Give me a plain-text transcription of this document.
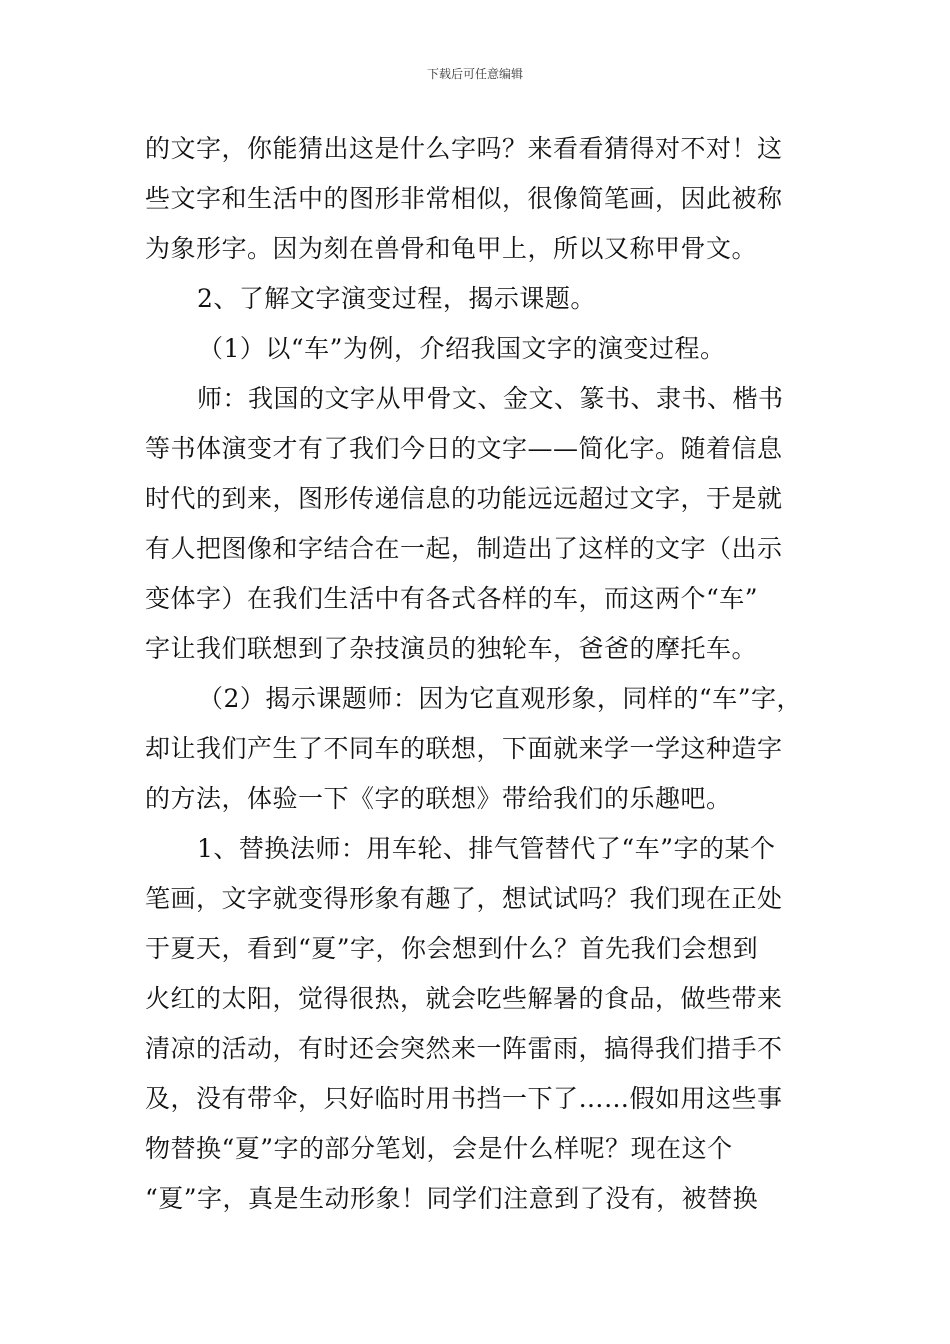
下载后可任意编辑
的文字，你能猜出这是什么字吗？来看看猜得对不对！这
些文字和生活中的图形非常相似，很像简笔画，因此被称
为象形字。因为刻在兽骨和龟甲上，所以又称甲骨文。
2、了解文字演变过程，揭示课题。
（1）以“车”为例，介绍我国文字的演变过程。
师：我国的文字从甲骨文、金文、篆书、隶书、楷书
等书体演变才有了我们今日的文字——简化字。随着信息
时代的到来，图形传递信息的功能远远超过文字，于是就
有人把图像和字结合在一起，制造出了这样的文字（出示
变体字）在我们生活中有各式各样的车，而这两个“车”
字让我们联想到了杂技演员的独轮车，爸爸的摩托车。
（2）揭示课题师：因为它直观形象，同样的“车”字，
却让我们产生了不同车的联想，下面就来学一学这种造字
的方法，体验一下《字的联想》带给我们的乐趣吧。
1、替换法师：用车轮、排气管替代了“车”字的某个
笔画，文字就变得形象有趣了，想试试吗？我们现在正处
于夏天，看到“夏”字，你会想到什么？首先我们会想到
火红的太阳，觉得很热，就会吃些解暑的食品，做些带来
清凉的活动，有时还会突然来一阵雷雨，搞得我们措手不
及，没有带伞，只好临时用书挡一下了……假如用这些事
物替换“夏”字的部分笔划，会是什么样呢？现在这个
“夏”字，真是生动形象！同学们注意到了没有，被替换
